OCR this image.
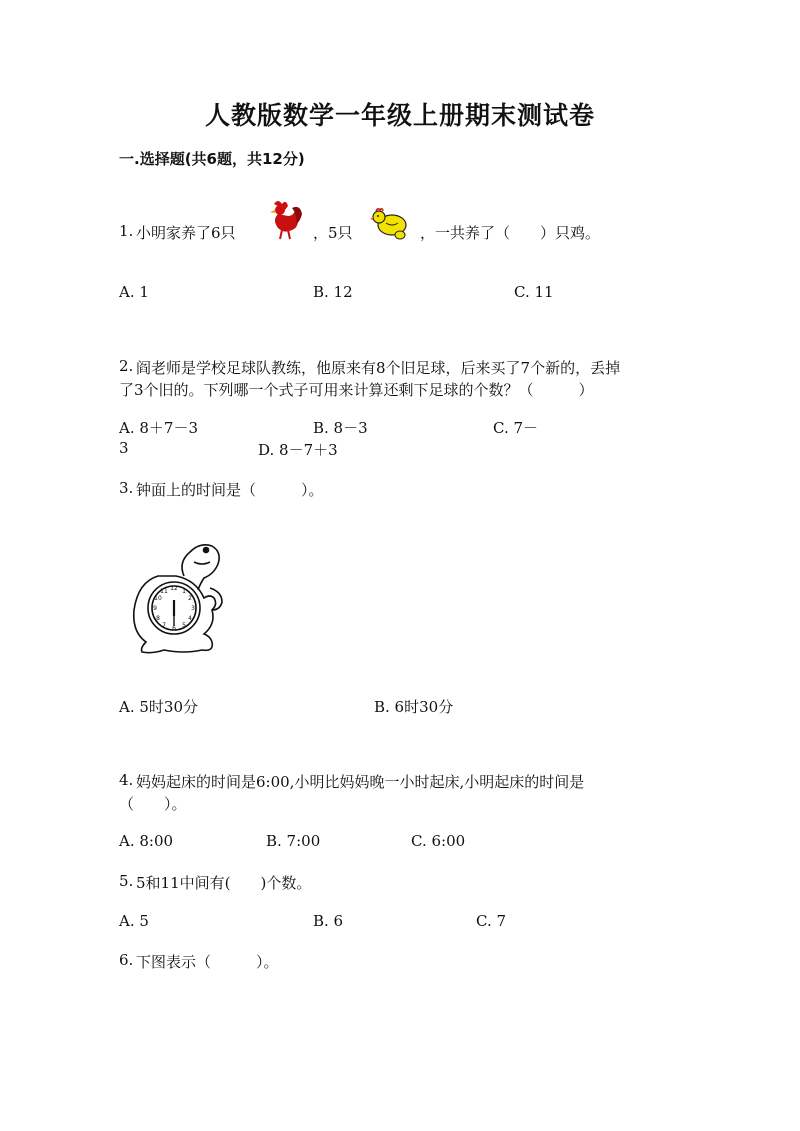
人教版数学一年级上册期末测试卷
一.选择题(共6题，共12分)
1. 小明家养了6只	，5只	，一共养了（　　）只鸡。
A. 1	B. 12	C. 11
2. 阎老师是学校足球队教练，他原来有8个旧足球，后来买了7个新的，丢掉
了3个旧的。下列哪一个式子可用来计算还剩下足球的个数？（　　　）
A. 8＋7－3	B. 8－3	C. 7－
3	D. 8－7＋3
3. 钟面上的时间是（　　　）。
12 1
2
3
4
5
6
7
8
9
10
11
A. 5时30分	B. 6时30分
4. 妈妈起床的时间是6:00,小明比妈妈晚一小时起床,小明起床的时间是
（　　）。
A. 8:00	B. 7:00	C. 6:00
5. 5和11中间有(　　)个数。
A. 5	B. 6	C. 7
6. 下图表示（　　　）。
